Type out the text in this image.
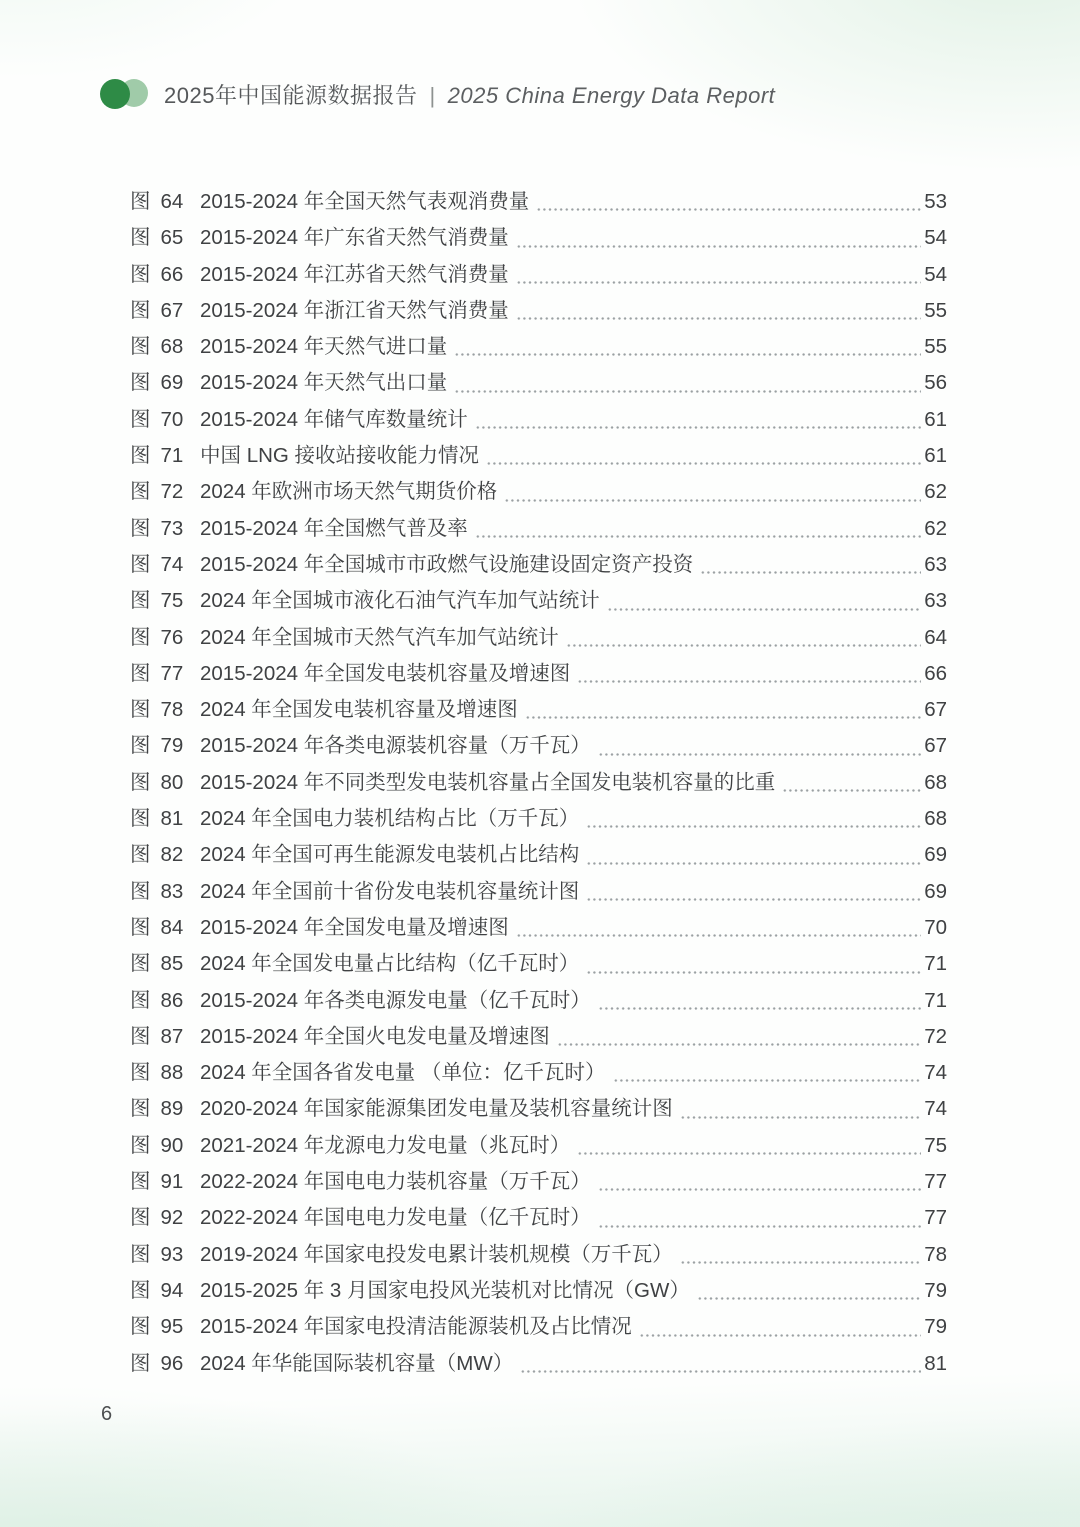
2025年中国能源数据报告 | 2025 China Energy Data Report
图 64 2015-2024 年全国天然气表观消费量	53
图 65 2015-2024 年广东省天然气消费量	54
图 66 2015-2024 年江苏省天然气消费量	54
图 67 2015-2024 年浙江省天然气消费量	55
图 68 2015-2024 年天然气进口量	55
图 69 2015-2024 年天然气出口量	56
图 70 2015-2024 年储气库数量统计	61
图 71 中国 LNG 接收站接收能力情况	61
图 72 2024 年欧洲市场天然气期货价格	62
图 73 2015-2024 年全国燃气普及率	62
图 74 2015-2024 年全国城市市政燃气设施建设固定资产投资	63
图 75 2024 年全国城市液化石油气汽车加气站统计	63
图 76 2024 年全国城市天然气汽车加气站统计	64
图 77 2015-2024 年全国发电装机容量及增速图	66
图 78 2024 年全国发电装机容量及增速图	67
图 79 2015-2024 年各类电源装机容量（万千瓦）	67
图 80 2015-2024 年不同类型发电装机容量占全国发电装机容量的比重	68
图 81 2024 年全国电力装机结构占比（万千瓦）	68
图 82 2024 年全国可再生能源发电装机占比结构	69
图 83 2024 年全国前十省份发电装机容量统计图	69
图 84 2015-2024 年全国发电量及增速图	70
图 85 2024 年全国发电量占比结构（亿千瓦时）	71
图 86 2015-2024 年各类电源发电量（亿千瓦时）	71
图 87 2015-2024 年全国火电发电量及增速图	72
图 88 2024 年全国各省发电量 （单位：亿千瓦时）	74
图 89 2020-2024 年国家能源集团发电量及装机容量统计图	74
图 90 2021-2024 年龙源电力发电量（兆瓦时）	75
图 91 2022-2024 年国电电力装机容量（万千瓦）	77
图 92 2022-2024 年国电电力发电量（亿千瓦时）	77
图 93 2019-2024 年国家电投发电累计装机规模（万千瓦）	78
图 94 2015-2025 年 3 月国家电投风光装机对比情况（GW）	79
图 95 2015-2024 年国家电投清洁能源装机及占比情况	79
图 96 2024 年华能国际装机容量（MW）	81
6
